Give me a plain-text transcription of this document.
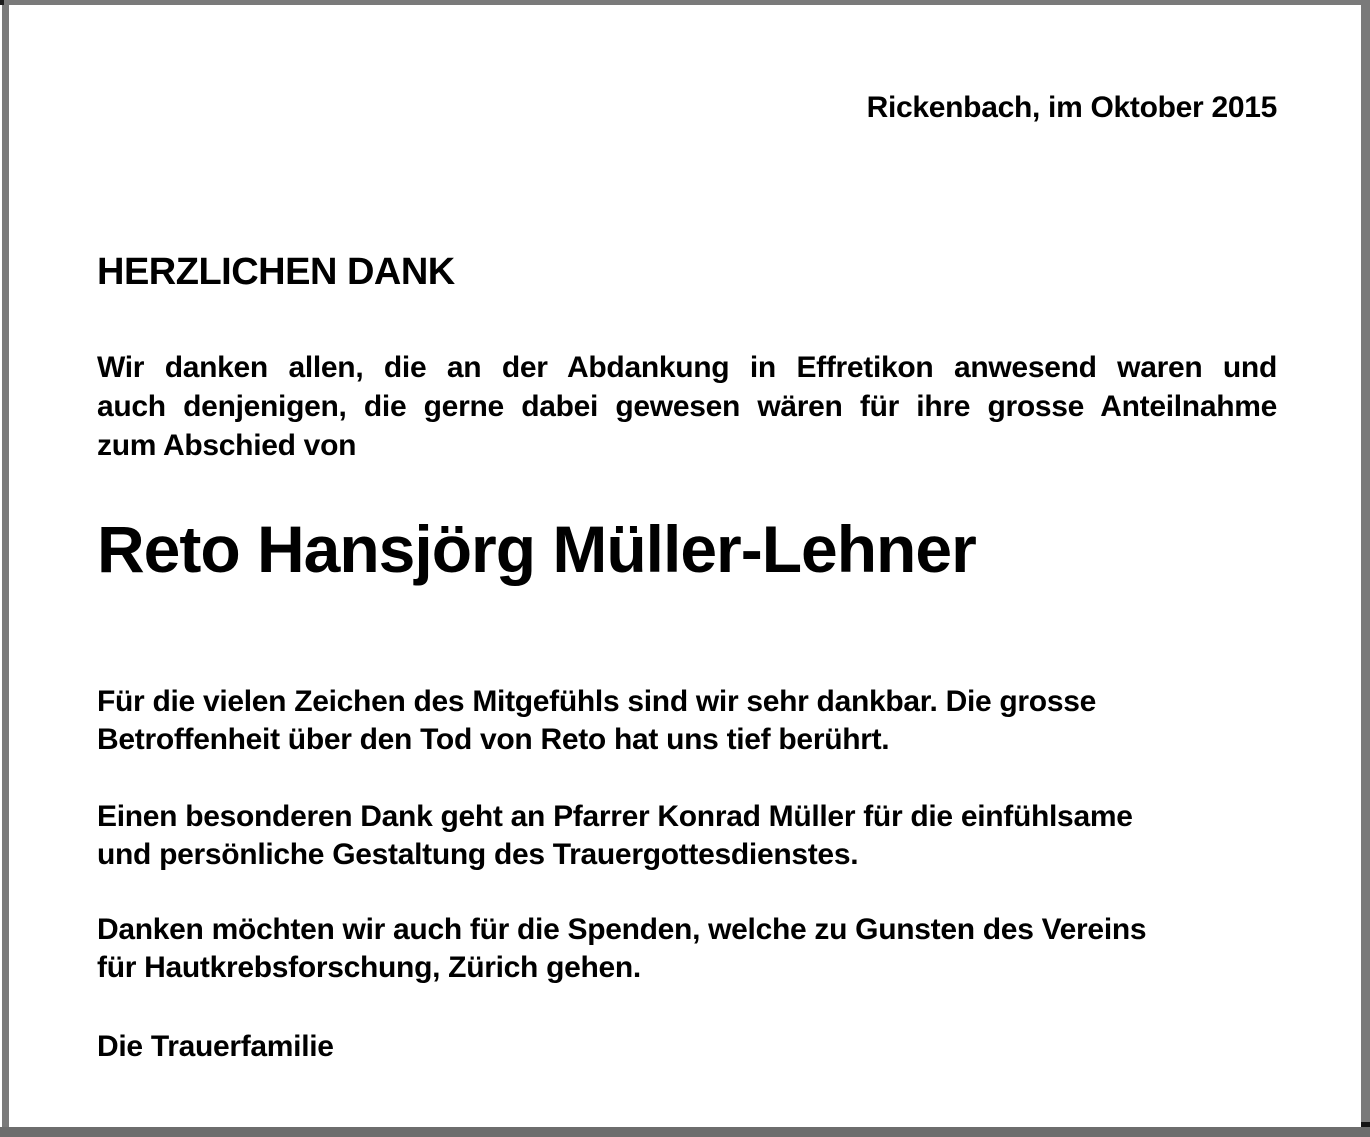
Rickenbach, im Oktober 2015
HERZLICHEN DANK
Wir danken allen, die an der Abdankung in Effretikon anwesend waren und
auch denjenigen, die gerne dabei gewesen wären für ihre grosse Anteilnahme
zum Abschied von
Reto Hansjörg Müller-Lehner
Für die vielen Zeichen des Mitgefühls sind wir sehr dankbar. Die grosse
Betroffenheit über den Tod von Reto hat uns tief berührt.
Einen besonderen Dank geht an Pfarrer Konrad Müller für die einfühlsame
und persönliche Gestaltung des Trauergottesdienstes.
Danken möchten wir auch für die Spenden, welche zu Gunsten des Vereins
für Hautkrebsforschung, Zürich gehen.
Die Trauerfamilie
